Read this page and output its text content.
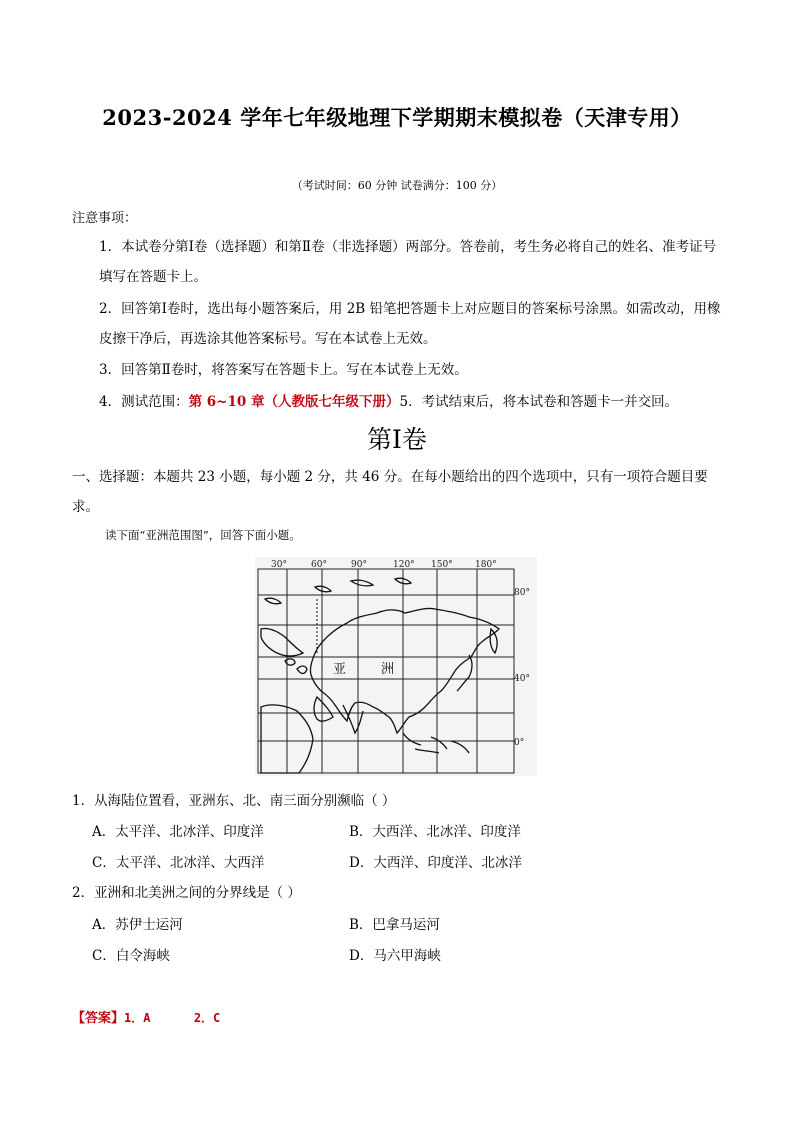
2023-2024 学年七年级地理下学期期末模拟卷（天津专用）
（考试时间：60 分钟 试卷满分：100 分）
注意事项：
1．本试卷分第Ⅰ卷（选择题）和第Ⅱ卷（非选择题）两部分。答卷前，考生务必将自己的姓名、准考证号填写在答题卡上。
2．回答第Ⅰ卷时，选出每小题答案后，用 2B 铅笔把答题卡上对应题目的答案标号涂黑。如需改动，用橡皮擦干净后，再选涂其他答案标号。写在本试卷上无效。
3．回答第Ⅱ卷时，将答案写在答题卡上。写在本试卷上无效。
4．测试范围：第 6~10 章（人教版七年级下册）5．考试结束后，将本试卷和答题卡一并交回。
第Ⅰ卷
一、选择题：本题共 23 小题，每小题 2 分，共 46 分。在每小题给出的四个选项中，只有一项符合题目要求。
读下面“亚洲范围图”，回答下面小题。
30°	60°	90°	120° 150° 180°
80°
40°
0°
亚	洲
1．从海陆位置看，亚洲东、北、南三面分别濒临（ ）
A．太平洋、北冰洋、印度洋	B．大西洋、北冰洋、印度洋
C．太平洋、北冰洋、大西洋	D．大西洋、印度洋、北冰洋
2．亚洲和北美洲之间的分界线是（ ）
A．苏伊士运河	B．巴拿马运河
C．白令海峡	D．马六甲海峡
【答案】1．A      2．C
